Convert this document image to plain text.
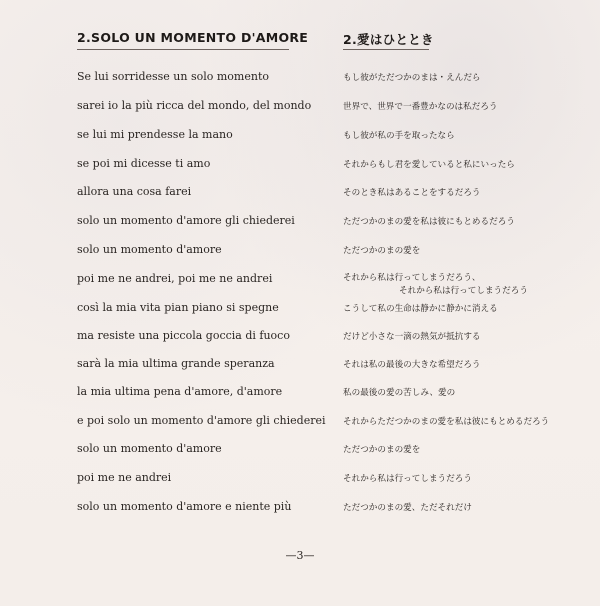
2.SOLO UN MOMENTO D'AMORE	2.愛はひととき
Se lui sorridesse un solo momento
sarei io la più ricca del mondo, del mondo
se lui mi prendesse la mano
se poi mi dicesse ti amo
allora una cosa farei
solo un momento d'amore gli chiederei
solo un momento d'amore
poi me ne andrei, poi me ne andrei
così la mia vita pian piano si spegne
ma resiste una piccola goccia di fuoco
sarà la mia ultima grande speranza
la mia ultima pena d'amore, d'amore
e poi solo un momento d'amore gli chiederei
solo un momento d'amore
poi me ne andrei
solo un momento d'amore e niente più
もし彼がただつかのまは・えんだら
世界で、世界で一番豊かなのは私だろう
もし彼が私の手を取ったなら
それからもし君を愛していると私にいったら
そのとき私はあることをするだろう
ただつかのまの愛を私は彼にもとめるだろう
ただつかのまの愛を
それから私は行ってしまうだろう、
それから私は行ってしまうだろう
こうして私の生命は静かに静かに消える
だけど小さな一滴の熱気が抵抗する
それは私の最後の大きな希望だろう
私の最後の愛の苦しみ、愛の
それからただつかのまの愛を私は彼にもとめるだろう
ただつかのまの愛を
それから私は行ってしまうだろう
ただつかのまの愛、ただそれだけ
—3—
